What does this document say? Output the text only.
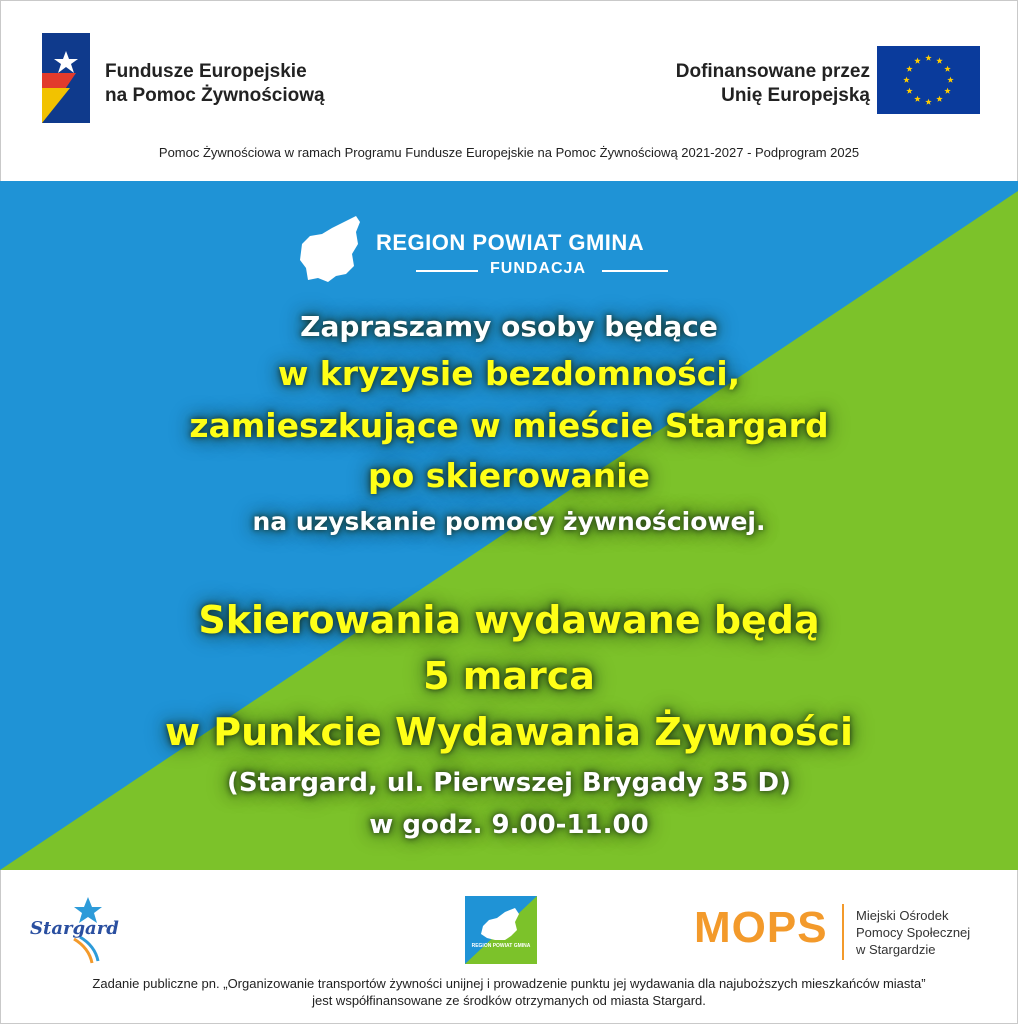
Fundusze Europejskie
na Pomoc Żywnościową
Dofinansowane przez
Unię Europejską
Pomoc Żywnościowa w ramach Programu Fundusze Europejskie na Pomoc Żywnościową 2021-2027 - Podprogram 2025
REGION POWIAT GMINA
FUNDACJA
Zapraszamy osoby będące
w kryzysie bezdomności,
zamieszkujące w mieście Stargard
po skierowanie
na uzyskanie pomocy żywnościowej.
Skierowania wydawane będą
5 marca
w Punkcie Wydawania Żywności
(Stargard, ul. Pierwszej Brygady 35 D)
w godz. 9.00-11.00
Stargard
REGION POWIAT GMINA	MOPS Miejski Ośrodek
Pomocy Społecznej
w Stargardzie
Zadanie publiczne pn. „Organizowanie transportów żywności unijnej i prowadzenie punktu jej wydawania dla najuboższych mieszkańców miasta”
jest współfinansowane ze środków otrzymanych od miasta Stargard.
